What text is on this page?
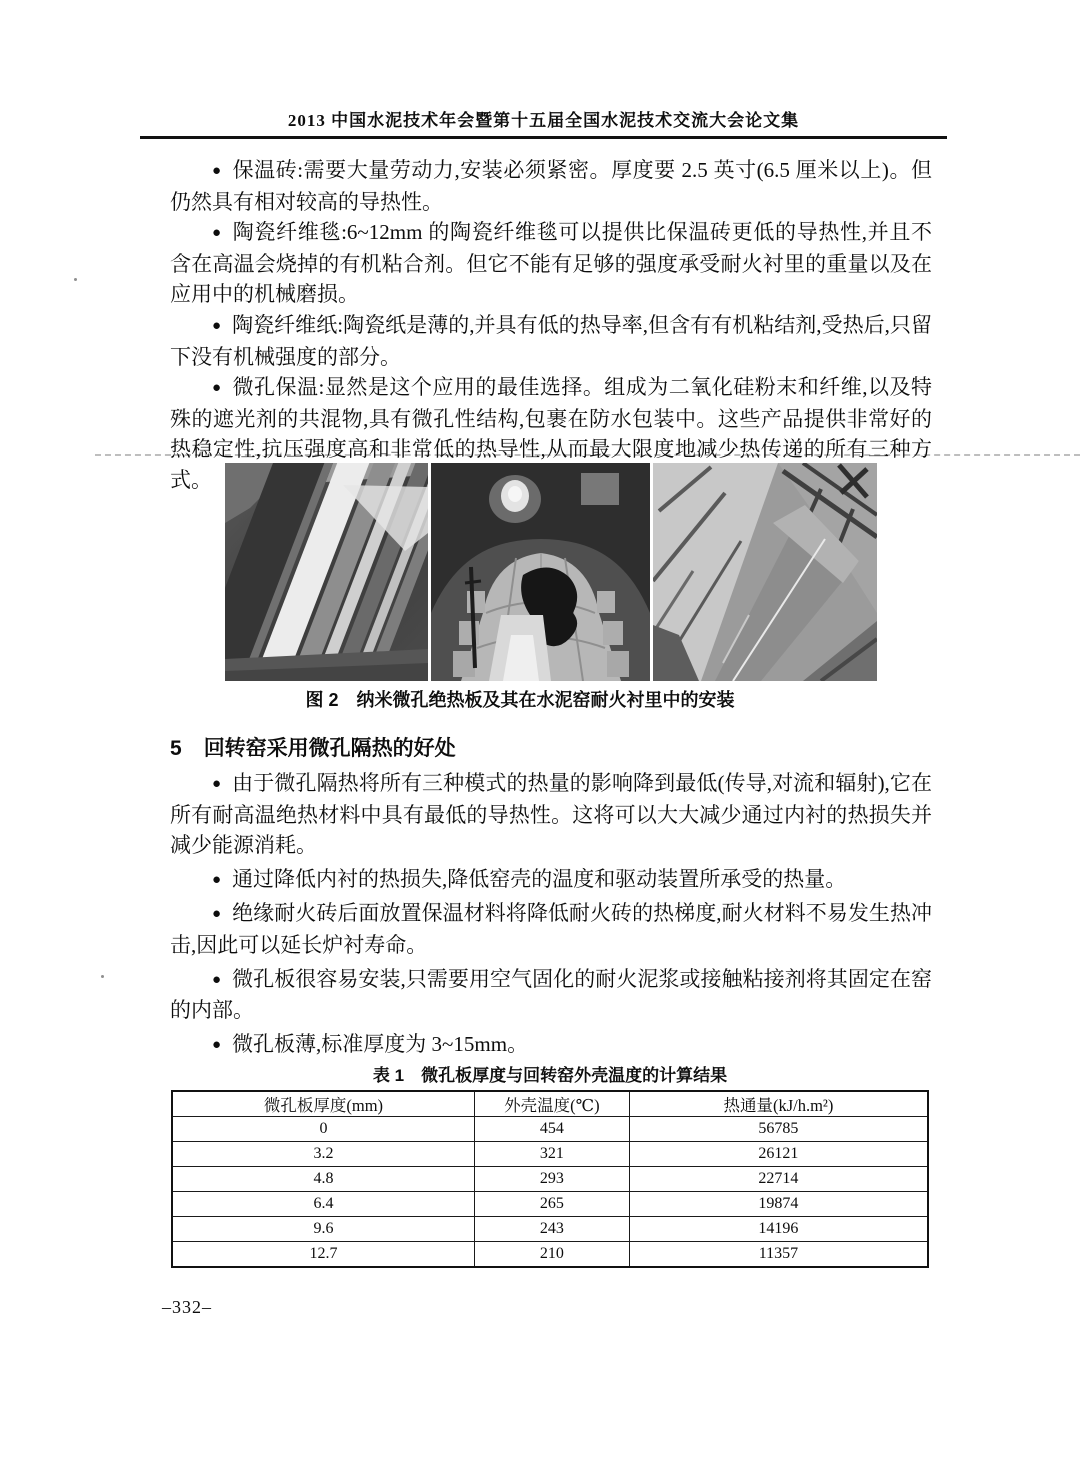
2013 中国水泥技术年会暨第十五届全国水泥技术交流大会论文集

● 保温砖:需要大量劳动力,安装必须紧密。厚度要 2.5 英寸(6.5 厘米以上)。但仍然具有相对较高的导热性。

● 陶瓷纤维毯:6~12mm 的陶瓷纤维毯可以提供比保温砖更低的导热性,并且不含在高温会烧掉的有机粘合剂。但它不能有足够的强度承受耐火衬里的重量以及在应用中的机械磨损。

● 陶瓷纤维纸:陶瓷纸是薄的,并具有低的热导率,但含有有机粘结剂,受热后,只留下没有机械强度的部分。

● 微孔保温:显然是这个应用的最佳选择。组成为二氧化硅粉末和纤维,以及特殊的遮光剂的共混物,具有微孔性结构,包裹在防水包装中。这些产品提供非常好的热稳定性,抗压强度高和非常低的热导性,从而最大限度地减少热传递的所有三种方式。

图 2　纳米微孔绝热板及其在水泥窑耐火衬里中的安装
5 回转窑采用微孔隔热的好处

● 由于微孔隔热将所有三种模式的热量的影响降到最低(传导,对流和辐射),它在所有耐高温绝热材料中具有最低的导热性。这将可以大大减少通过内衬的热损失并减少能源消耗。

● 通过降低内衬的热损失,降低窑壳的温度和驱动装置所承受的热量。

● 绝缘耐火砖后面放置保温材料将降低耐火砖的热梯度,耐火材料不易发生热冲击,因此可以延长炉衬寿命。

● 微孔板很容易安装,只需要用空气固化的耐火泥浆或接触粘接剂将其固定在窑的内部。

● 微孔板薄,标准厚度为 3~15mm。

表 1　微孔板厚度与回转窑外壳温度的计算结果
微孔板厚度(mm)	外壳温度(℃)	热通量(kJ/h.m²)
0	454	56785
3.2	321	26121
4.8	293	22714
6.4	265	19874
9.6	243	14196
12.7	210	11357
–332–
